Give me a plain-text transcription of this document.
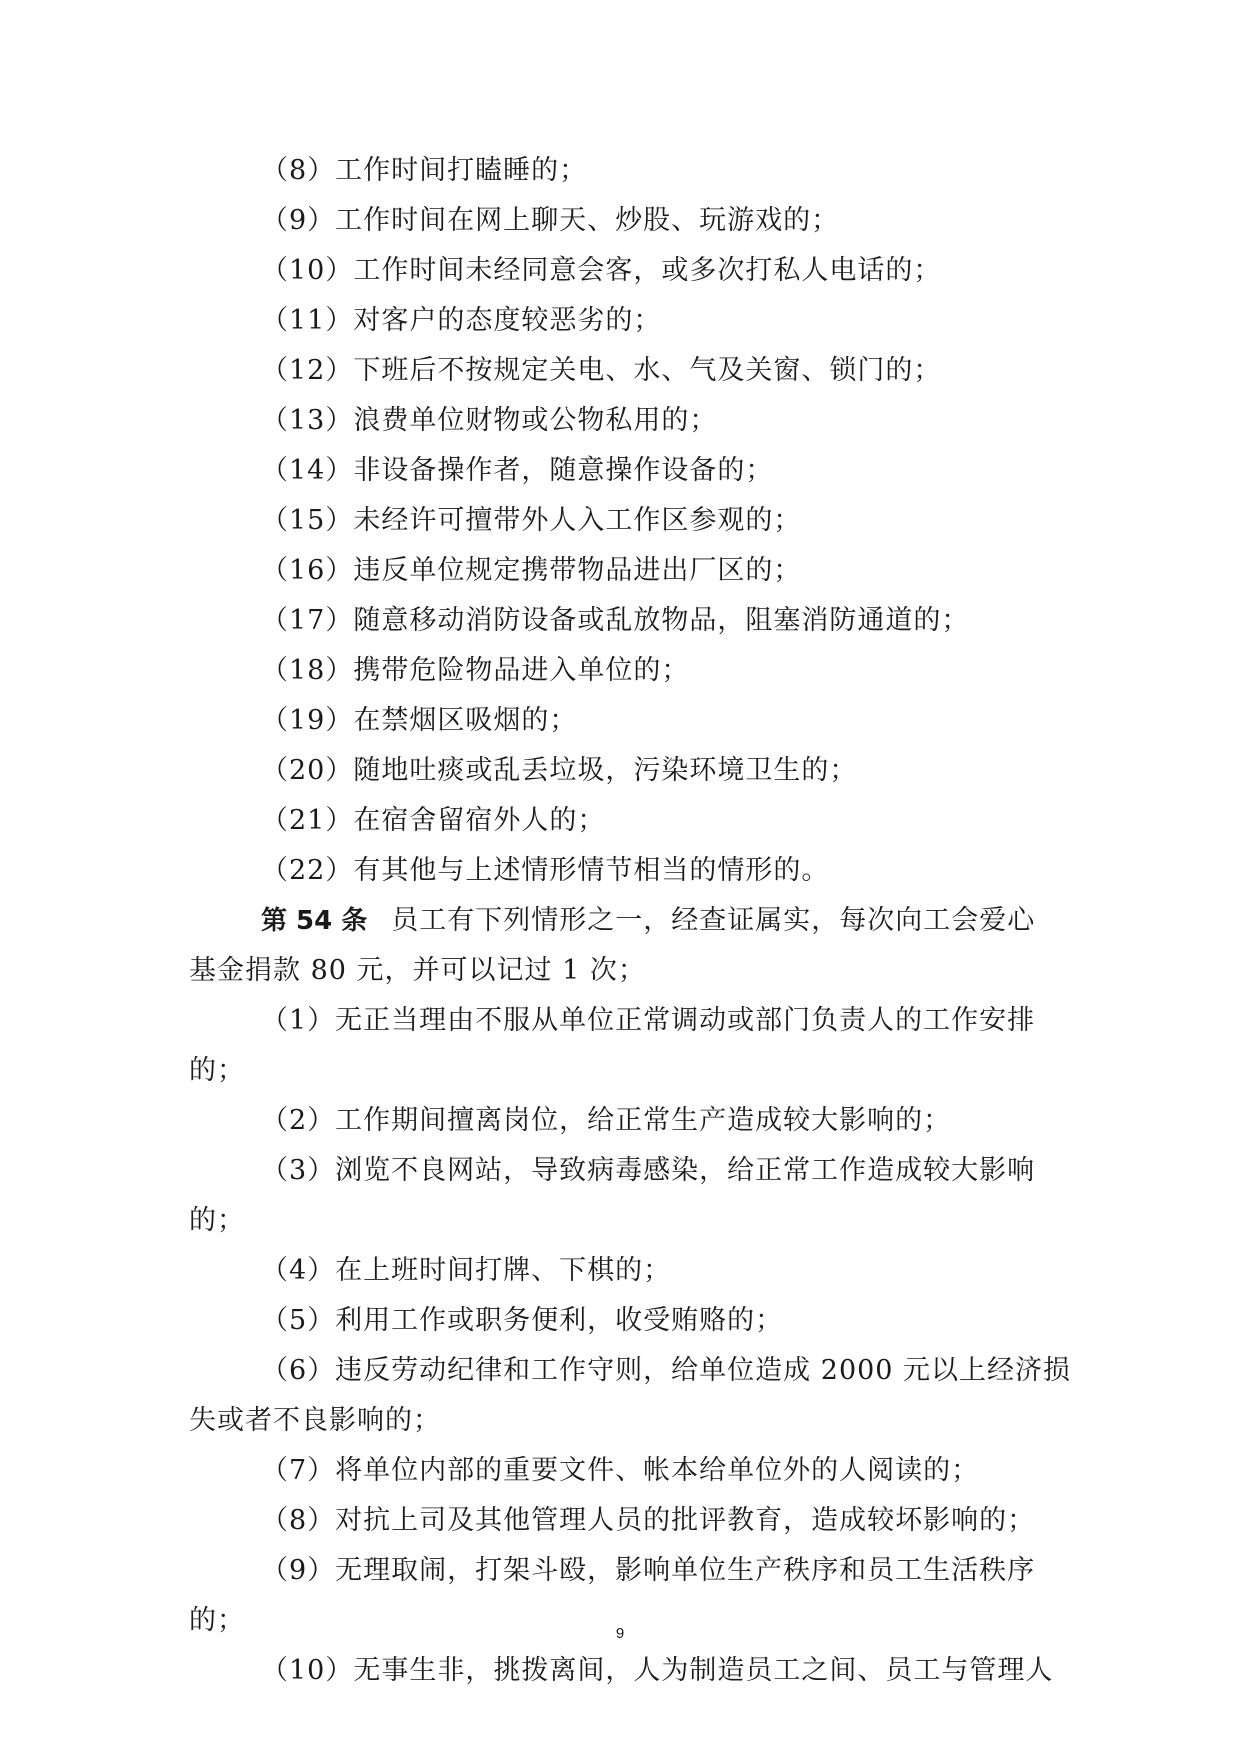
（8）工作时间打瞌睡的；
（9）工作时间在网上聊天、炒股、玩游戏的；
（10）工作时间未经同意会客，或多次打私人电话的；
（11）对客户的态度较恶劣的；
（12）下班后不按规定关电、水、气及关窗、锁门的；
（13）浪费单位财物或公物私用的；
（14）非设备操作者，随意操作设备的；
（15）未经许可擅带外人入工作区参观的；
（16）违反单位规定携带物品进出厂区的；
（17）随意移动消防设备或乱放物品，阻塞消防通道的；
（18）携带危险物品进入单位的；
（19）在禁烟区吸烟的；
（20）随地吐痰或乱丢垃圾，污染环境卫生的；
（21）在宿舍留宿外人的；
（22）有其他与上述情形情节相当的情形的。
第 54 条 员工有下列情形之一，经查证属实，每次向工会爱心
基金捐款 80 元，并可以记过 1 次；
（1）无正当理由不服从单位正常调动或部门负责人的工作安排
的；
（2）工作期间擅离岗位，给正常生产造成较大影响的；
（3）浏览不良网站，导致病毒感染，给正常工作造成较大影响
的；
（4）在上班时间打牌、下棋的；
（5）利用工作或职务便利，收受贿赂的；
（6）违反劳动纪律和工作守则，给单位造成 2000 元以上经济损
失或者不良影响的；
（7）将单位内部的重要文件、帐本给单位外的人阅读的；
（8）对抗上司及其他管理人员的批评教育，造成较坏影响的；
（9）无理取闹，打架斗殴，影响单位生产秩序和员工生活秩序
的；
（10）无事生非，挑拨离间，人为制造员工之间、员工与管理人
9
